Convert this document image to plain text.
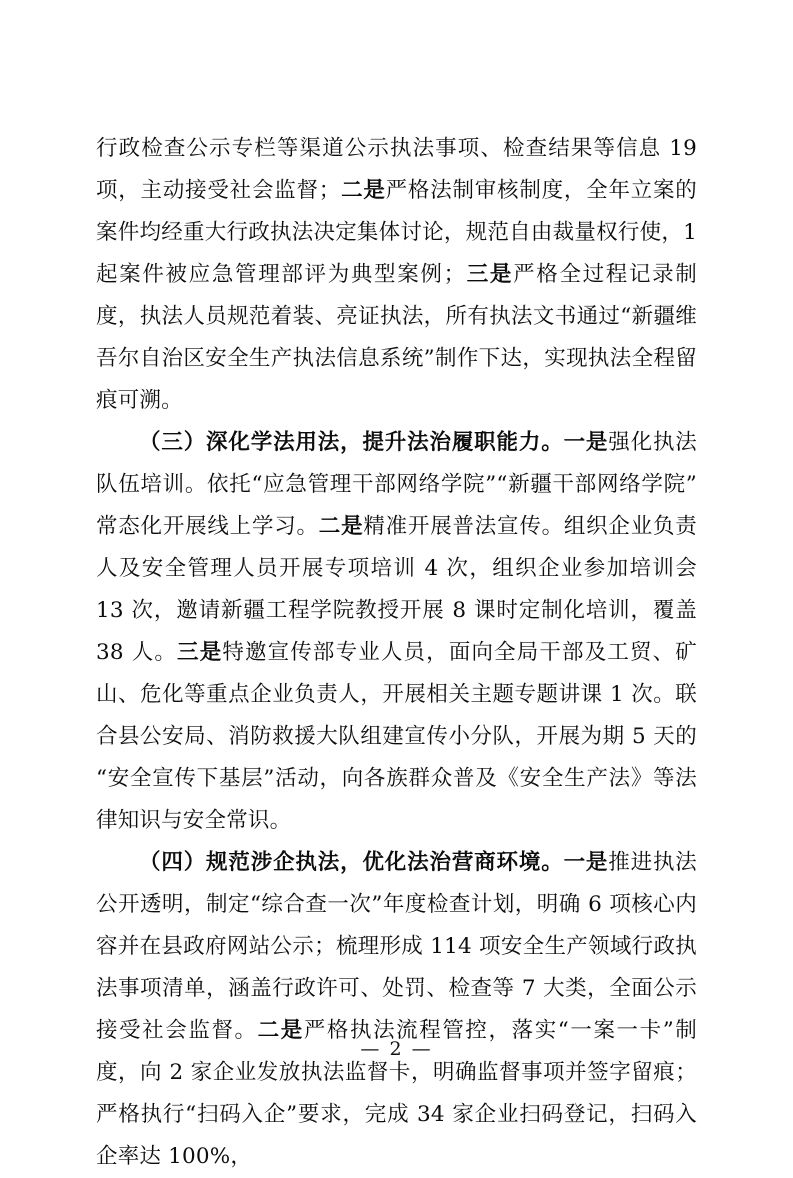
行政检查公示专栏等渠道公示执法事项、检查结果等信息 19 项，主动接受社会监督；二是严格法制审核制度，全年立案的案件均经重大行政执法决定集体讨论，规范自由裁量权行使，1 起案件被应急管理部评为典型案例；三是严格全过程记录制度，执法人员规范着装、亮证执法，所有执法文书通过“新疆维吾尔自治区安全生产执法信息系统”制作下达，实现执法全程留痕可溯。

（三）深化学法用法，提升法治履职能力。一是强化执法队伍培训。依托“应急管理干部网络学院”“新疆干部网络学院”常态化开展线上学习。二是精准开展普法宣传。组织企业负责人及安全管理人员开展专项培训 4 次，组织企业参加培训会 13 次，邀请新疆工程学院教授开展 8 课时定制化培训，覆盖 38 人。三是特邀宣传部专业人员，面向全局干部及工贸、矿山、危化等重点企业负责人，开展相关主题专题讲课 1 次。联合县公安局、消防救援大队组建宣传小分队，开展为期 5 天的“安全宣传下基层”活动，向各族群众普及《安全生产法》等法律知识与安全常识。

（四）规范涉企执法，优化法治营商环境。一是推进执法公开透明，制定“综合查一次”年度检查计划，明确 6 项核心内容并在县政府网站公示；梳理形成 114 项安全生产领域行政执法事项清单，涵盖行政许可、处罚、检查等 7 大类，全面公示接受社会监督。二是严格执法流程管控，落实“一案一卡”制度，向 2 家企业发放执法监督卡，明确监督事项并签字留痕；严格执行“扫码入企”要求，完成 34 家企业扫码登记，扫码入企率达 100%，

— 2 —
